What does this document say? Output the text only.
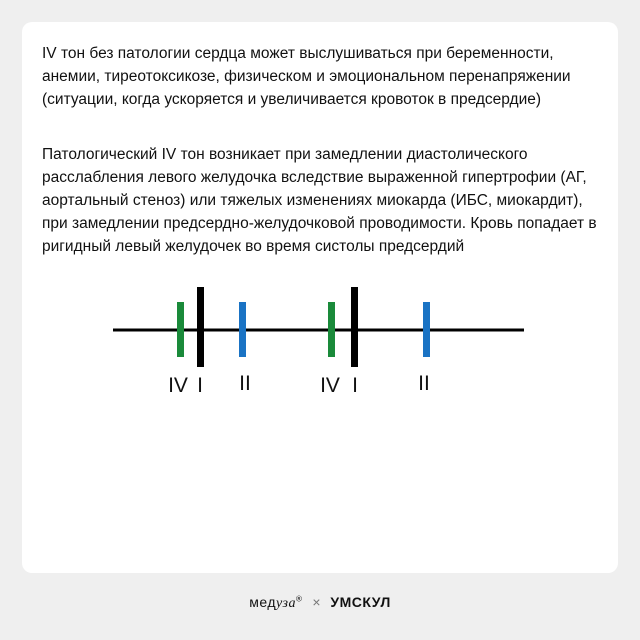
IV тон без патологии сердца может выслушиваться при беременности, анемии, тиреотоксикозе, физическом и эмоциональном перенапряжении (ситуации, когда ускоряется и увеличивается кровоток в предсердие)

Патологический IV тон возникает при замедлении диастолического расслабления левого желудочка вследствие выраженной гипертрофии (АГ, аортальный стеноз) или тяжелых изменениях миокарда (ИБС, миокардит), при замедлении предсердно-желудочковой проводимости. Кровь попадает в ригидный левый желудочек во время систолы предсердий

IV I II	IV I	II
медуза® × УМСКУЛ
